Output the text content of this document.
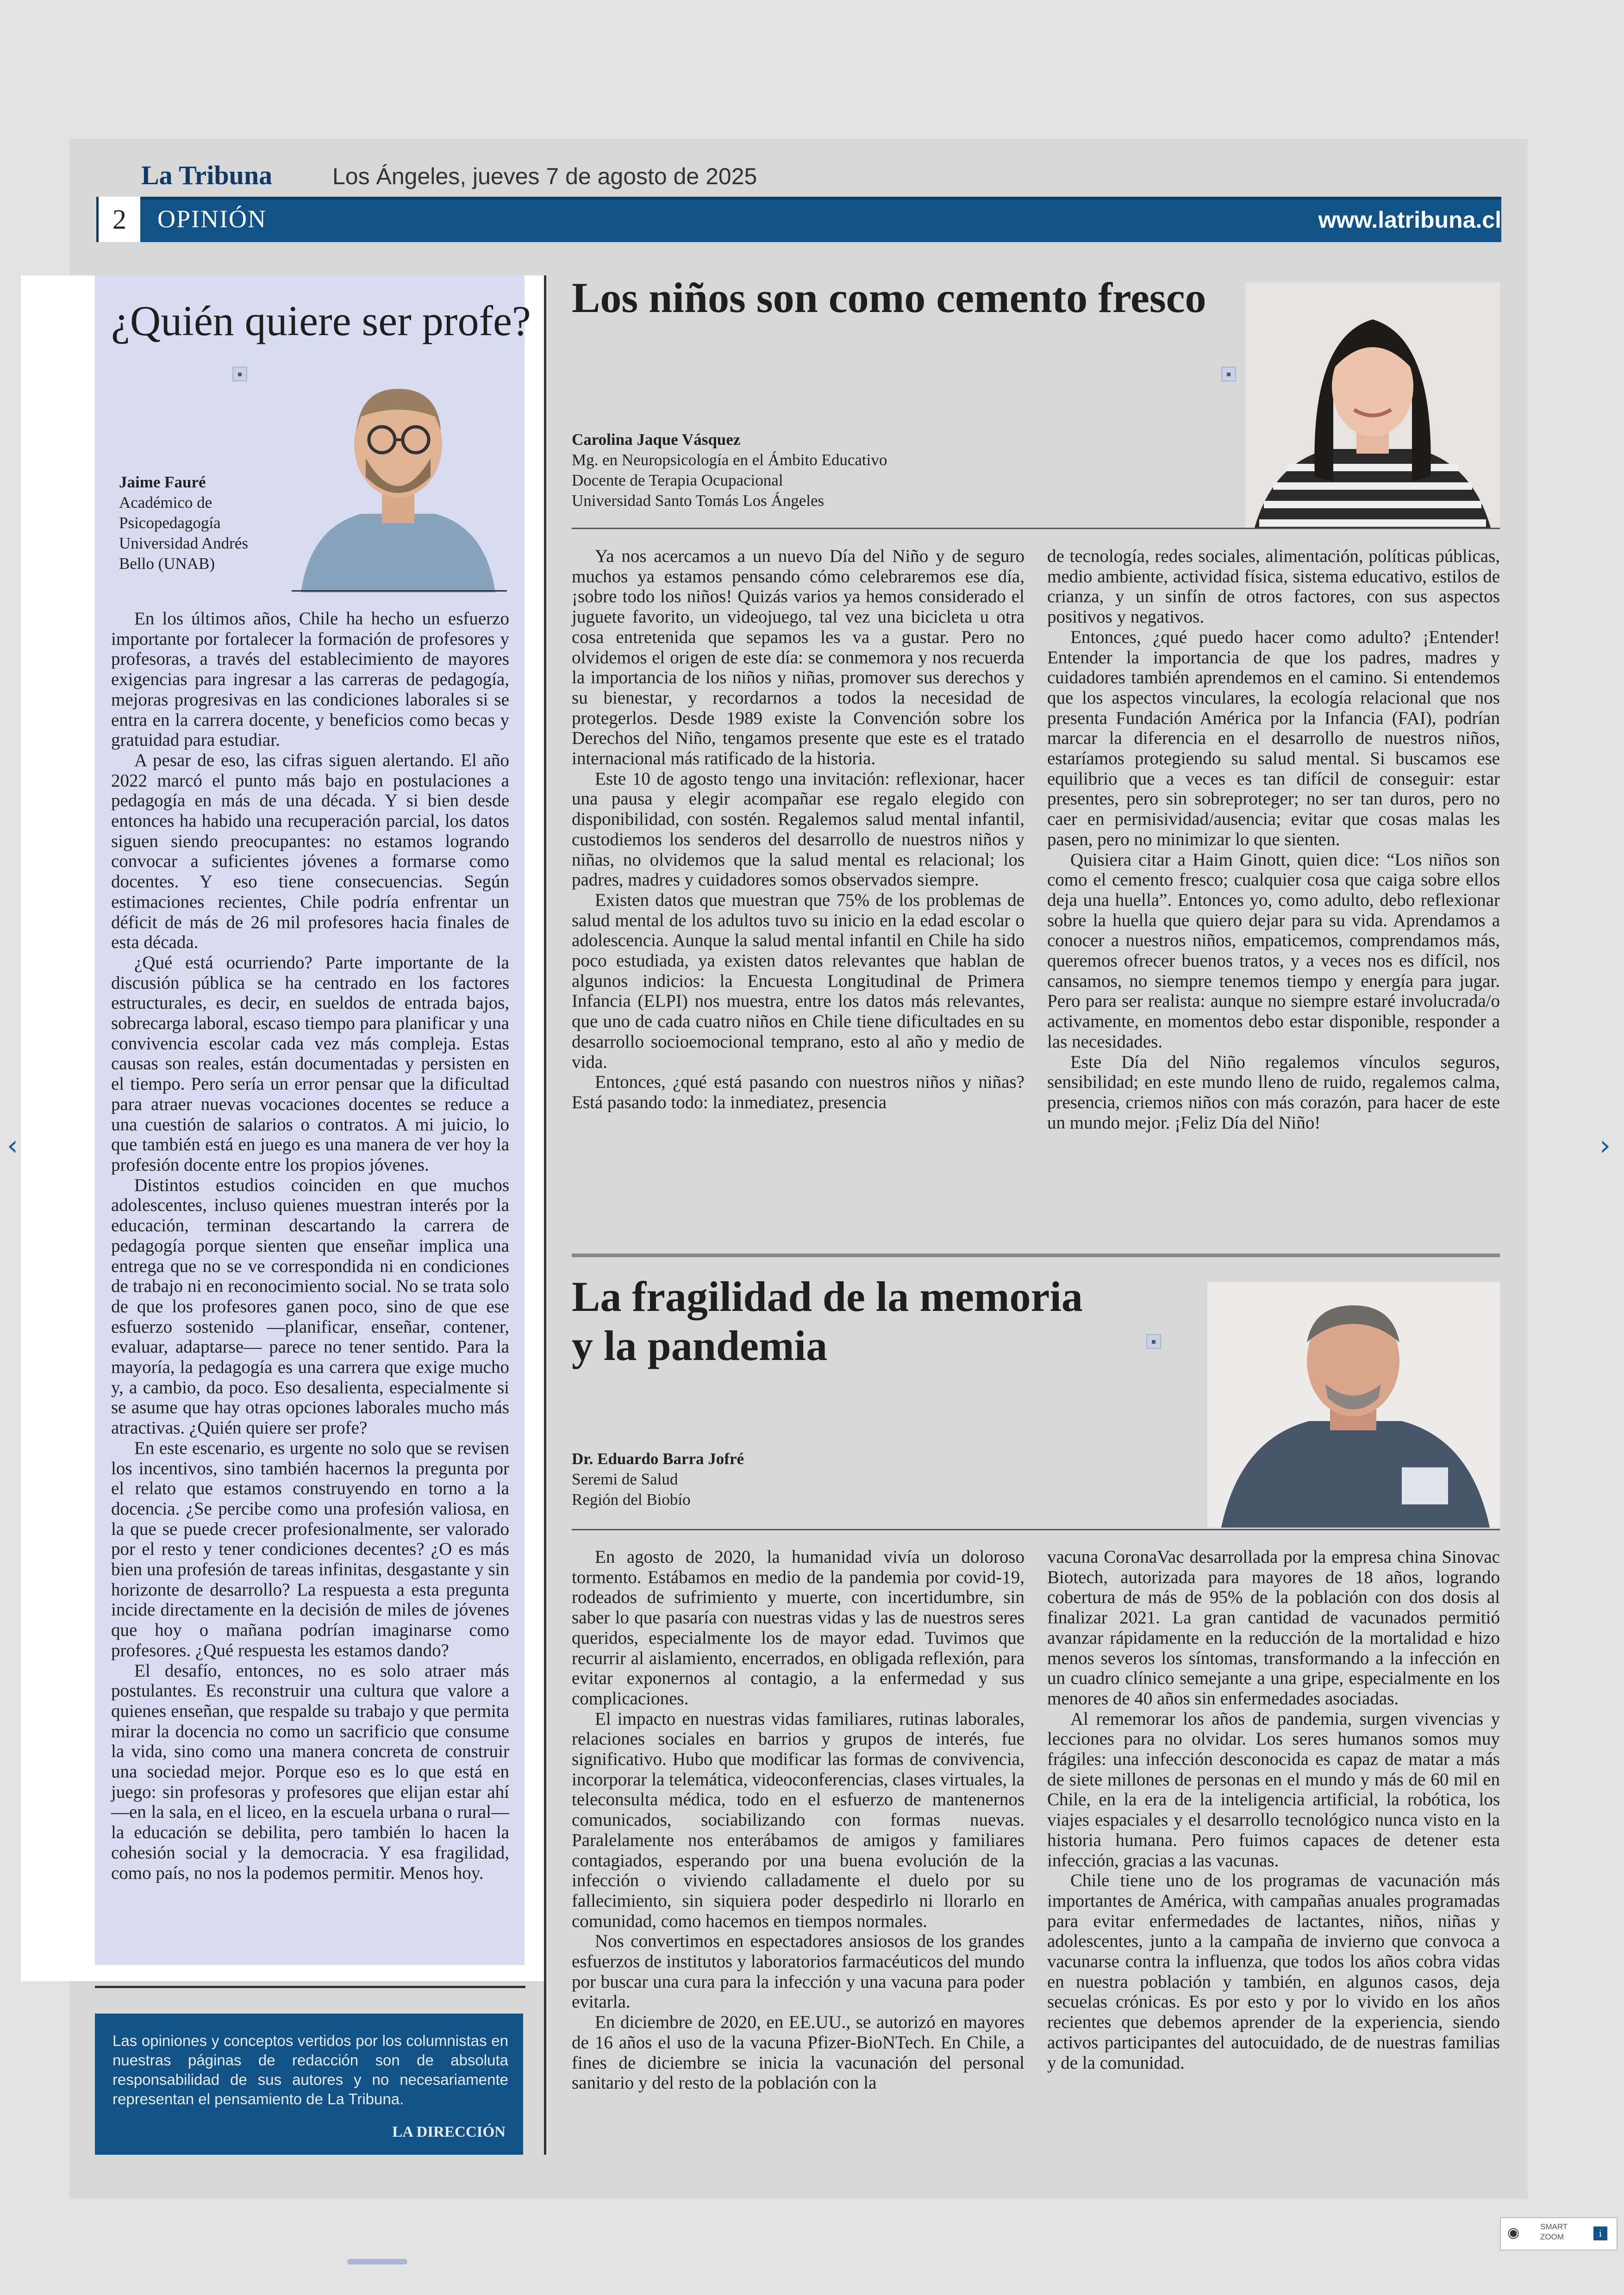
La Tribuna	Los Ángeles, jueves 7 de agosto de 2025
2	OPINIÓN	www.latribuna.cl
¿Quién quiere ser profe?
▪
Jaime Fauré
Académico de
Psicopedagogía
Universidad Andrés
Bello (UNAB)

En los últimos años, Chile ha hecho un esfuerzo importante por fortalecer la formación de profesores y profesoras, a través del establecimiento de mayores exigencias para ingresar a las carreras de pedagogía, mejoras progresivas en las condiciones laborales si se entra en la carrera docente, y beneficios como becas y gratuidad para estudiar.

A pesar de eso, las cifras siguen alertando. El año 2022 marcó el punto más bajo en postulaciones a pedagogía en más de una década. Y si bien desde entonces ha habido una recuperación parcial, los datos siguen siendo preocupantes: no estamos logrando convocar a suficientes jóvenes a formarse como docentes. Y eso tiene consecuencias. Según estimaciones recientes, Chile podría enfrentar un déficit de más de 26 mil profesores hacia finales de esta década.

¿Qué está ocurriendo? Parte importante de la discusión pública se ha centrado en los factores estructurales, es decir, en sueldos de entrada bajos, sobrecarga laboral, escaso tiempo para planificar y una convivencia escolar cada vez más compleja. Estas causas son reales, están documentadas y persisten en el tiempo. Pero sería un error pensar que la dificultad para atraer nuevas vocaciones docentes se reduce a una cuestión de salarios o contratos. A mi juicio, lo que también está en juego es una manera de ver hoy la profesión docente entre los propios jóvenes.

Distintos estudios coinciden en que muchos adolescentes, incluso quienes muestran interés por la educación, terminan descartando la carrera de pedagogía porque sienten que enseñar implica una entrega que no se ve correspondida ni en condiciones de trabajo ni en reconocimiento social. No se trata solo de que los profesores ganen poco, sino de que ese esfuerzo sostenido —planificar, enseñar, contener, evaluar, adaptarse— parece no tener sentido. Para la mayoría, la pedagogía es una carrera que exige mucho y, a cambio, da poco. Eso desalienta, especialmente si se asume que hay otras opciones laborales mucho más atractivas. ¿Quién quiere ser profe?

En este escenario, es urgente no solo que se revisen los incentivos, sino también hacernos la pregunta por el relato que estamos construyendo en torno a la docencia. ¿Se percibe como una profesión valiosa, en la que se puede crecer profesionalmente, ser valorado por el resto y tener condiciones decentes? ¿O es más bien una profesión de tareas infinitas, desgastante y sin horizonte de desarrollo? La respuesta a esta pregunta incide directamente en la decisión de miles de jóvenes que hoy o mañana podrían imaginarse como profesores. ¿Qué respuesta les estamos dando?

El desafío, entonces, no es solo atraer más postulantes. Es reconstruir una cultura que valore a quienes enseñan, que respalde su trabajo y que permita mirar la docencia no como un sacrificio que consume la vida, sino como una manera concreta de construir una sociedad mejor. Porque eso es lo que está en juego: sin profesoras y profesores que elijan estar ahí —en la sala, en el liceo, en la escuela urbana o rural— la educación se debilita, pero también lo hacen la cohesión social y la democracia. Y esa fragilidad, como país, no nos la podemos permitir. Menos hoy.

Las opiniones y conceptos vertidos por los columnistas en nuestras páginas de redacción son de absoluta responsabilidad de sus autores y no necesariamente representan el pensamiento de La Tribuna.
LA DIRECCIÓN
Los niños son como cemento fresco
▪
Carolina Jaque Vásquez
Mg. en Neuropsicología en el Ámbito Educativo
Docente de Terapia Ocupacional
Universidad Santo Tomás Los Ángeles

Ya nos acercamos a un nuevo Día del Niño y de seguro muchos ya estamos pensando cómo celebraremos ese día, ¡sobre todo los niños! Quizás varios ya hemos considerado el juguete favorito, un videojuego, tal vez una bicicleta u otra cosa entretenida que sepamos les va a gustar. Pero no olvidemos el origen de este día: se conmemora y nos recuerda la importancia de los niños y niñas, promover sus derechos y su bienestar, y recordarnos a todos la necesidad de protegerlos. Desde 1989 existe la Convención sobre los Derechos del Niño, tengamos presente que este es el tratado internacional más ratificado de la historia.

Este 10 de agosto tengo una invitación: reflexionar, hacer una pausa y elegir acompañar ese regalo elegido con disponibilidad, con sostén. Regalemos salud mental infantil, custodiemos los senderos del desarrollo de nuestros niños y niñas, no olvidemos que la salud mental es relacional; los padres, madres y cuidadores somos observados siempre.

Existen datos que muestran que 75% de los problemas de salud mental de los adultos tuvo su inicio en la edad escolar o adolescencia. Aunque la salud mental infantil en Chile ha sido poco estudiada, ya existen datos relevantes que hablan de algunos indicios: la Encuesta Longitudinal de Primera Infancia (ELPI) nos muestra, entre los datos más relevantes, que uno de cada cuatro niños en Chile tiene dificultades en su desarrollo socioemocional temprano, esto al año y medio de vida.

Entonces, ¿qué está pasando con nuestros niños y niñas? Está pasando todo: la inmediatez, presencia

de tecnología, redes sociales, alimentación, políticas públicas, medio ambiente, actividad física, sistema educativo, estilos de crianza, y un sinfín de otros factores, con sus aspectos positivos y negativos.

Entonces, ¿qué puedo hacer como adulto? ¡Entender! Entender la importancia de que los padres, madres y cuidadores también aprendemos en el camino. Si entendemos que los aspectos vinculares, la ecología relacional que nos presenta Fundación América por la Infancia (FAI), podrían marcar la diferencia en el desarrollo de nuestros niños, estaríamos protegiendo su salud mental. Si buscamos ese equilibrio que a veces es tan difícil de conseguir: estar presentes, pero sin sobreproteger; no ser tan duros, pero no caer en permisividad/ausencia; evitar que cosas malas les pasen, pero no minimizar lo que sienten.

Quisiera citar a Haim Ginott, quien dice: “Los niños son como el cemento fresco; cualquier cosa que caiga sobre ellos deja una huella”. Entonces yo, como adulto, debo reflexionar sobre la huella que quiero dejar para su vida. Aprendamos a conocer a nuestros niños, empaticemos, comprendamos más, queremos ofrecer buenos tratos, y a veces nos es difícil, nos cansamos, no siempre tenemos tiempo y energía para jugar. Pero para ser realista: aunque no siempre estaré involucrada/o activamente, en momentos debo estar disponible, responder a las necesidades.

Este Día del Niño regalemos vínculos seguros, sensibilidad; en este mundo lleno de ruido, regalemos calma, presencia, criemos niños con más corazón, para hacer de este un mundo mejor. ¡Feliz Día del Niño!

La fragilidad de la memoria
y la pandemia	▪
Dr. Eduardo Barra Jofré
Seremi de Salud
Región del Biobío

En agosto de 2020, la humanidad vivía un doloroso tormento. Estábamos en medio de la pandemia por covid-19, rodeados de sufrimiento y muerte, con incertidumbre, sin saber lo que pasaría con nuestras vidas y las de nuestros seres queridos, especialmente los de mayor edad. Tuvimos que recurrir al aislamiento, encerrados, en obligada reflexión, para evitar exponernos al contagio, a la enfermedad y sus complicaciones.

El impacto en nuestras vidas familiares, rutinas laborales, relaciones sociales en barrios y grupos de interés, fue significativo. Hubo que modificar las formas de convivencia, incorporar la telemática, videoconferencias, clases virtuales, la teleconsulta médica, todo en el esfuerzo de mantenernos comunicados, sociabilizando con formas nuevas. Paralelamente nos enterábamos de amigos y familiares contagiados, esperando por una buena evolución de la infección o viviendo calladamente el duelo por su fallecimiento, sin siquiera poder despedirlo ni llorarlo en comunidad, como hacemos en tiempos normales.

Nos convertimos en espectadores ansiosos de los grandes esfuerzos de institutos y laboratorios farmacéuticos del mundo por buscar una cura para la infección y una vacuna para poder evitarla.

En diciembre de 2020, en EE.UU., se autorizó en mayores de 16 años el uso de la vacuna Pfizer-BioNTech. En Chile, a fines de diciembre se inicia la vacunación del personal sanitario y del resto de la población con la

vacuna CoronaVac desarrollada por la empresa china Sinovac Biotech, autorizada para mayores de 18 años, logrando cobertura de más de 95% de la población con dos dosis al finalizar 2021. La gran cantidad de vacunados permitió avanzar rápidamente en la reducción de la mortalidad e hizo menos severos los síntomas, transformando a la infección en un cuadro clínico semejante a una gripe, especialmente en los menores de 40 años sin enfermedades asociadas.

Al rememorar los años de pandemia, surgen vivencias y lecciones para no olvidar. Los seres humanos somos muy frágiles: una infección desconocida es capaz de matar a más de siete millones de personas en el mundo y más de 60 mil en Chile, en la era de la inteligencia artificial, la robótica, los viajes espaciales y el desarrollo tecnológico nunca visto en la historia humana. Pero fuimos capaces de detener esta infección, gracias a las vacunas.

Chile tiene uno de los programas de vacunación más importantes de América, with campañas anuales programadas para evitar enfermedades de lactantes, niños, niñas y adolescentes, junto a la campaña de invierno que convoca a vacunarse contra la influenza, que todos los años cobra vidas en nuestra población y también, en algunos casos, deja secuelas crónicas. Es por esto y por lo vivido en los años recientes que debemos aprender de la experiencia, siendo activos participantes del autocuidado, de de nuestras familias y de la comunidad.

‹	›
◉	SMART
ZOOM	i
